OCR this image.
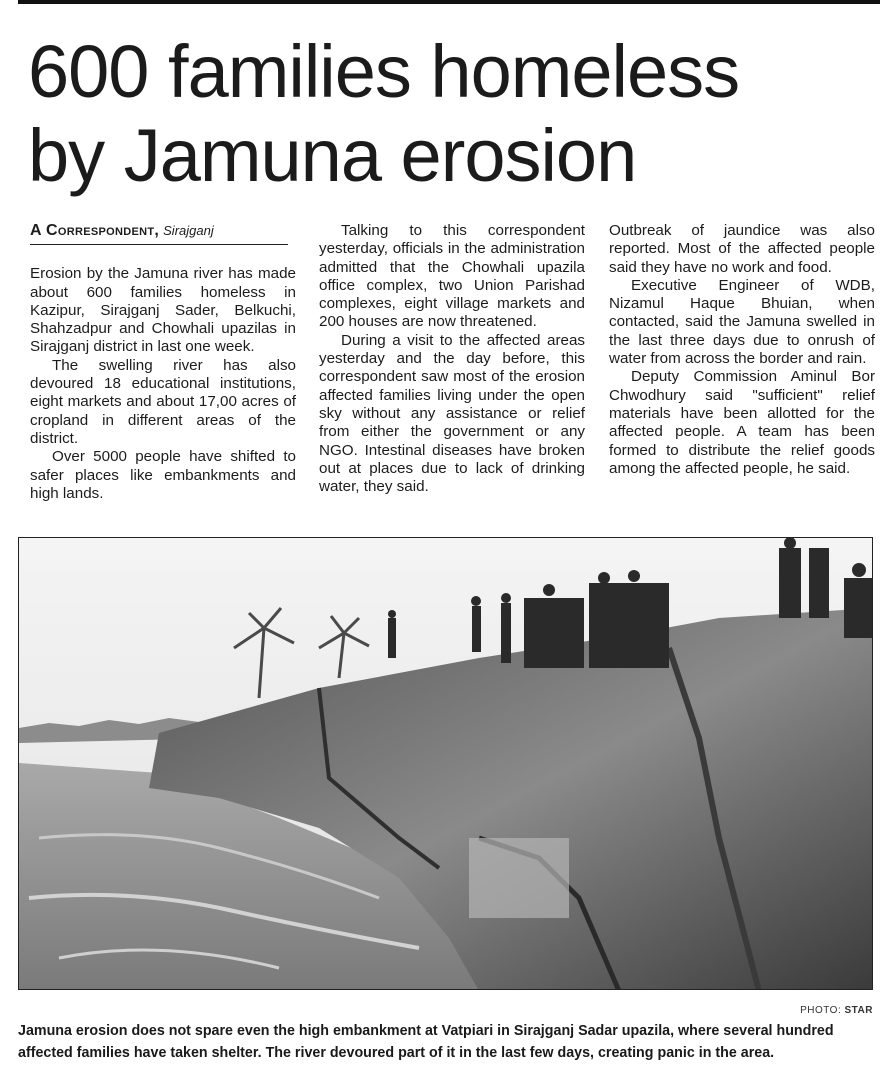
600 families homeless
by Jamuna erosion

A Correspondent, Sirajganj

Erosion by the Jamuna river has made about 600 families homeless in Kazipur, Sirajganj Sader, Belkuchi, Shahzadpur and Chowhali upazilas in Sirajganj district in last one week.

The swelling river has also devoured 18 educational institutions, eight markets and about 17,00 acres of cropland in different areas of the district.

Over 5000 people have shifted to safer places like embankments and high lands.

Talking to this correspondent yesterday, officials in the administration admitted that the Chowhali upazila office complex, two Union Parishad complexes, eight village markets and 200 houses are now threatened.

During a visit to the affected areas yesterday and the day before, this correspondent saw most of the erosion affected families living under the open sky without any assistance or relief from either the government or any NGO. Intestinal diseases have broken out at places due to lack of drinking water, they said.

Outbreak of jaundice was also reported. Most of the affected people said they have no work and food.

Executive Engineer of WDB, Nizamul Haque Bhuian, when contacted, said the Jamuna swelled in the last three days due to onrush of water from across the border and rain.

Deputy Commission Aminul Bor Chwodhury said "sufficient" relief materials have been allotted for the affected people. A team has been formed to distribute the relief goods among the affected people, he said.

PHOTO: STAR
Jamuna erosion does not spare even the high embankment at Vatpiari in Sirajganj Sadar upazila, where several hundred affected families have taken shelter. The river devoured part of it in the last few days, creating panic in the area.
